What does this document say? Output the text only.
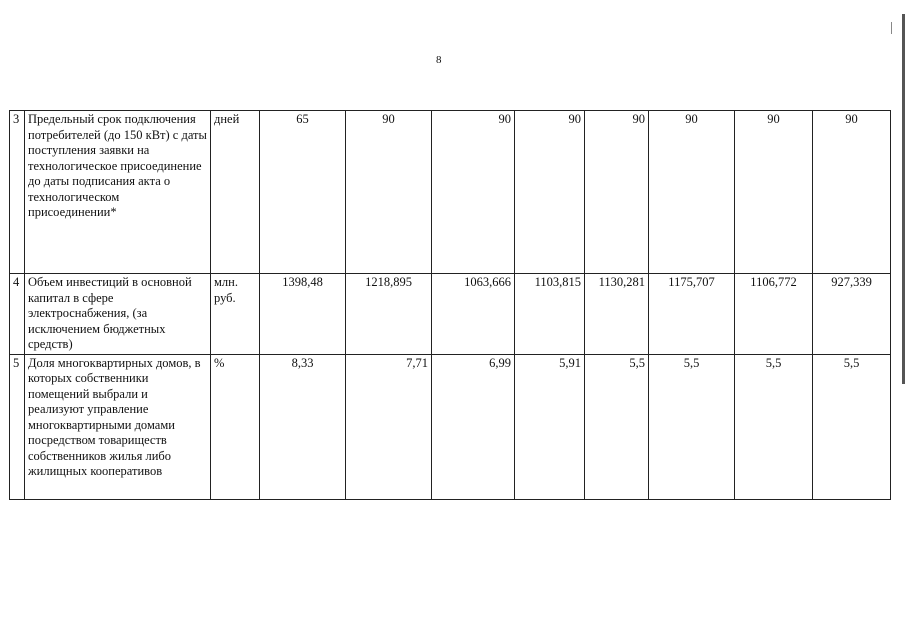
8
3	Предельный срок подключения потребителей (до 150 кВт) с даты поступления заявки на технологическое присоединение до даты подписания акта о технологическом присоединении*	дней	65	90	90	90	90	90	90	90
4	Объем инвестиций в основной капитал в сфере электроснабжения, (за исключением бюджетных средств)	млн. руб.	1398,48	1218,895	1063,666	1103,815	1130,281	1175,707	1106,772	927,339
5	Доля многоквартирных домов, в которых собственники помещений выбрали и реализуют управление многоквартирными домами посредством товариществ собственников жилья либо жилищных кооперативов	%	8,33	7,71	6,99	5,91	5,5	5,5	5,5	5,5
